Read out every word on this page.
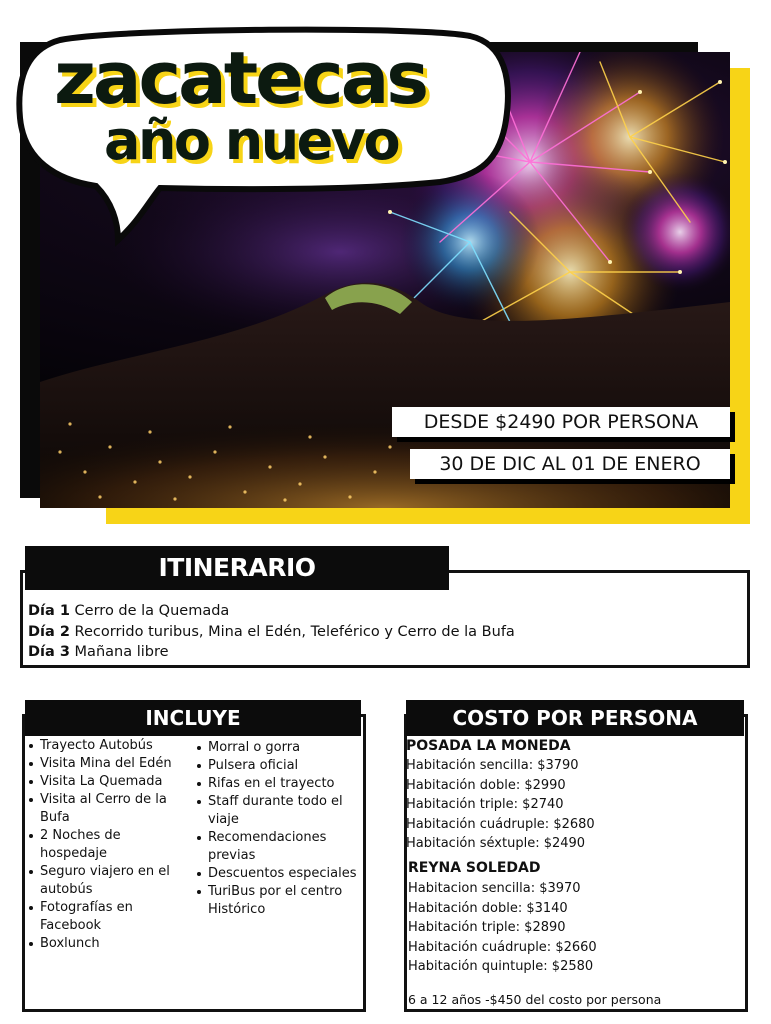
zacatecas
año nuevo
DESDE $2490 POR PERSONA
30 DE DIC AL 01 DE ENERO
ITINERARIO
Día 1 Cerro de la Quemada
Día 2 Recorrido turibus, Mina el Edén, Teleférico y Cerro de la Bufa
Día 3 Mañana libre
INCLUYE
Trayecto Autobús
Visita Mina del Edén
Visita La Quemada
Visita al Cerro de la Bufa
2 Noches de hospedaje
Seguro viajero en el autobús
Fotografías en Facebook
Boxlunch
Morral o gorra
Pulsera oficial
Rifas en el trayecto
Staff durante todo el viaje
Recomendaciones previas
Descuentos especiales
TuriBus por el centro Histórico
COSTO POR PERSONA
POSADA LA MONEDA
Habitación sencilla: $3790
Habitación doble: $2990
Habitación triple: $2740
Habitación cuádruple: $2680
Habitación séxtuple: $2490
REYNA SOLEDAD
Habitacion sencilla: $3970
Habitación doble: $3140
Habitación triple: $2890
Habitación cuádruple: $2660
Habitación quintuple: $2580
6 a 12 años -$450 del costo por persona
